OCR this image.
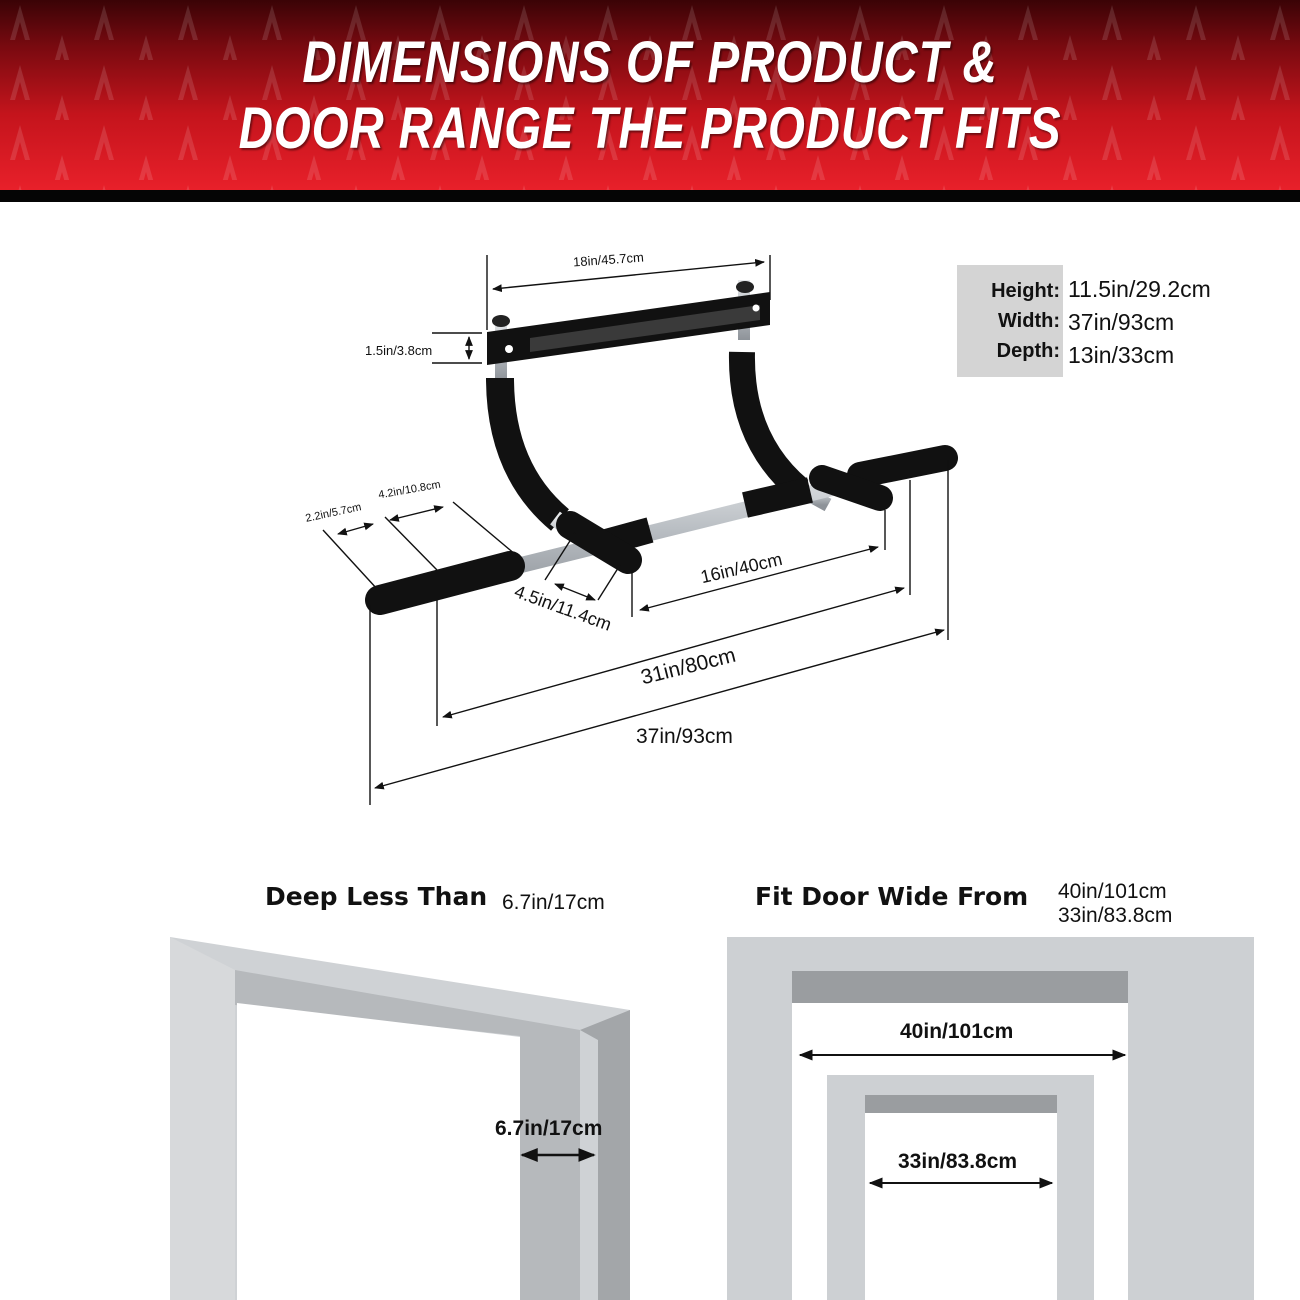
DIMENSIONS OF PRODUCT &
DOOR RANGE THE PRODUCT FITS
18in/45.7cm
1.5in/3.8cm
2.2in/5.7cm
4.2in/10.8cm
4.5in/11.4cm
16in/40cm
31in/80cm
37in/93cm
Height: 11.5in/29.2cm
Width: 37in/93cm
Depth: 13in/33cm
Deep Less Than 6.7in/17cm
6.7in/17cm
Fit Door Wide From 40in/101cm
33in/83.8cm
40in/101cm
33in/83.8cm
